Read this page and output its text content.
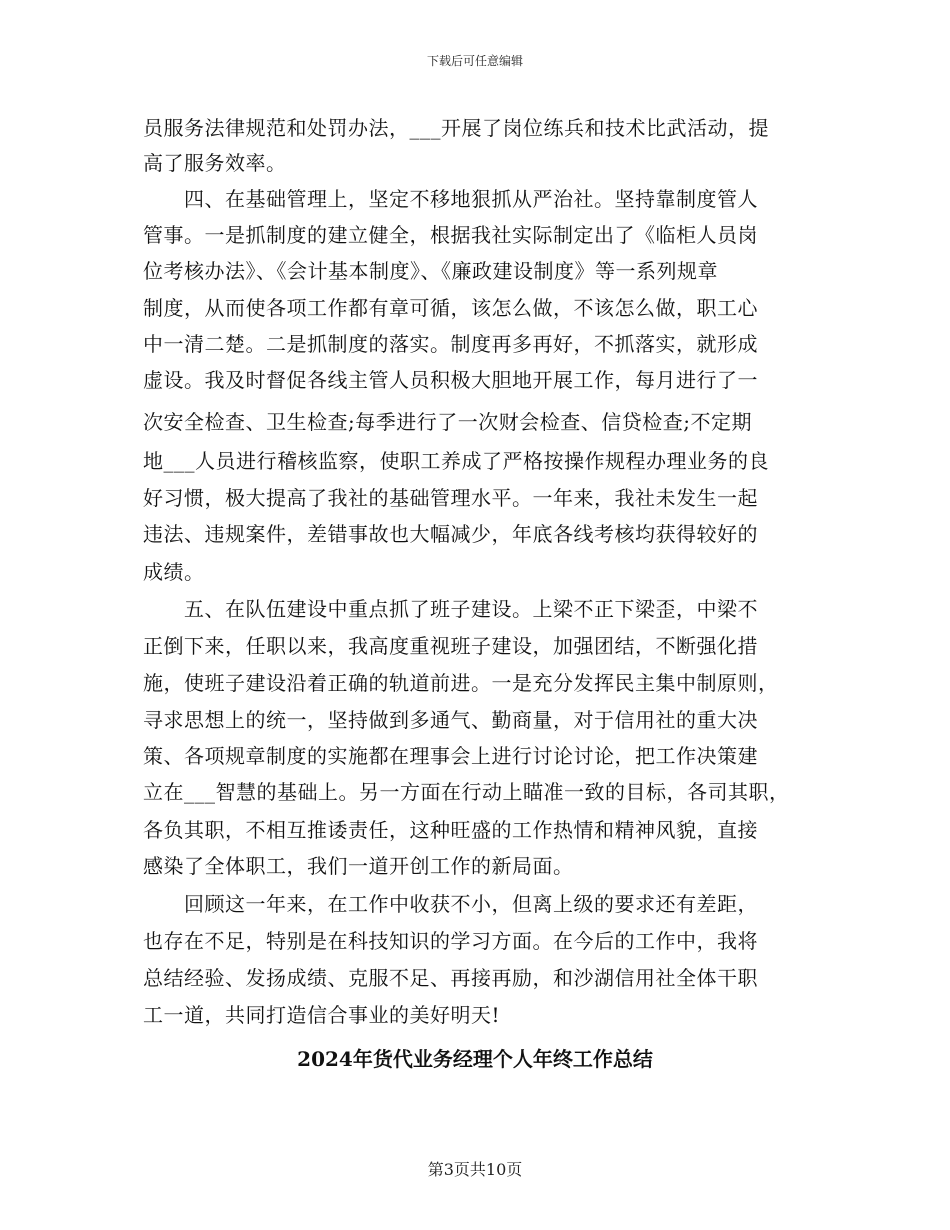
下载后可任意编辑
员服务法律规范和处罚办法，___开展了岗位练兵和技术比武活动，提
高了服务效率。
　　四、在基础管理上，坚定不移地狠抓从严治社。坚持靠制度管人
管事。一是抓制度的建立健全，根据我社实际制定出了《临柜人员岗
位考核办法》、《会计基本制度》、《廉政建设制度》等一系列规章
制度，从而使各项工作都有章可循，该怎么做，不该怎么做，职工心
中一清二楚。二是抓制度的落实。制度再多再好，不抓落实，就形成
虚设。我及时督促各线主管人员积极大胆地开展工作，每月进行了一
次安全检查、卫生检查;每季进行了一次财会检查、信贷检查;不定期
地___人员进行稽核监察，使职工养成了严格按操作规程办理业务的良
好习惯，极大提高了我社的基础管理水平。一年来，我社未发生一起
违法、违规案件，差错事故也大幅减少，年底各线考核均获得较好的
成绩。
　　五、在队伍建设中重点抓了班子建设。上梁不正下梁歪，中梁不
正倒下来，任职以来，我高度重视班子建设，加强团结，不断强化措
施，使班子建设沿着正确的轨道前进。一是充分发挥民主集中制原则，
寻求思想上的统一，坚持做到多通气、勤商量，对于信用社的重大决
策、各项规章制度的实施都在理事会上进行讨论讨论，把工作决策建
立在___智慧的基础上。另一方面在行动上瞄准一致的目标，各司其职，
各负其职，不相互推诿责任，这种旺盛的工作热情和精神风貌，直接
感染了全体职工，我们一道开创工作的新局面。
　　回顾这一年来，在工作中收获不小，但离上级的要求还有差距，
也存在不足，特别是在科技知识的学习方面。在今后的工作中，我将
总结经验、发扬成绩、克服不足、再接再励，和沙湖信用社全体干职
工一道，共同打造信合事业的美好明天!
2024年货代业务经理个人年终工作总结
第3页共10页
